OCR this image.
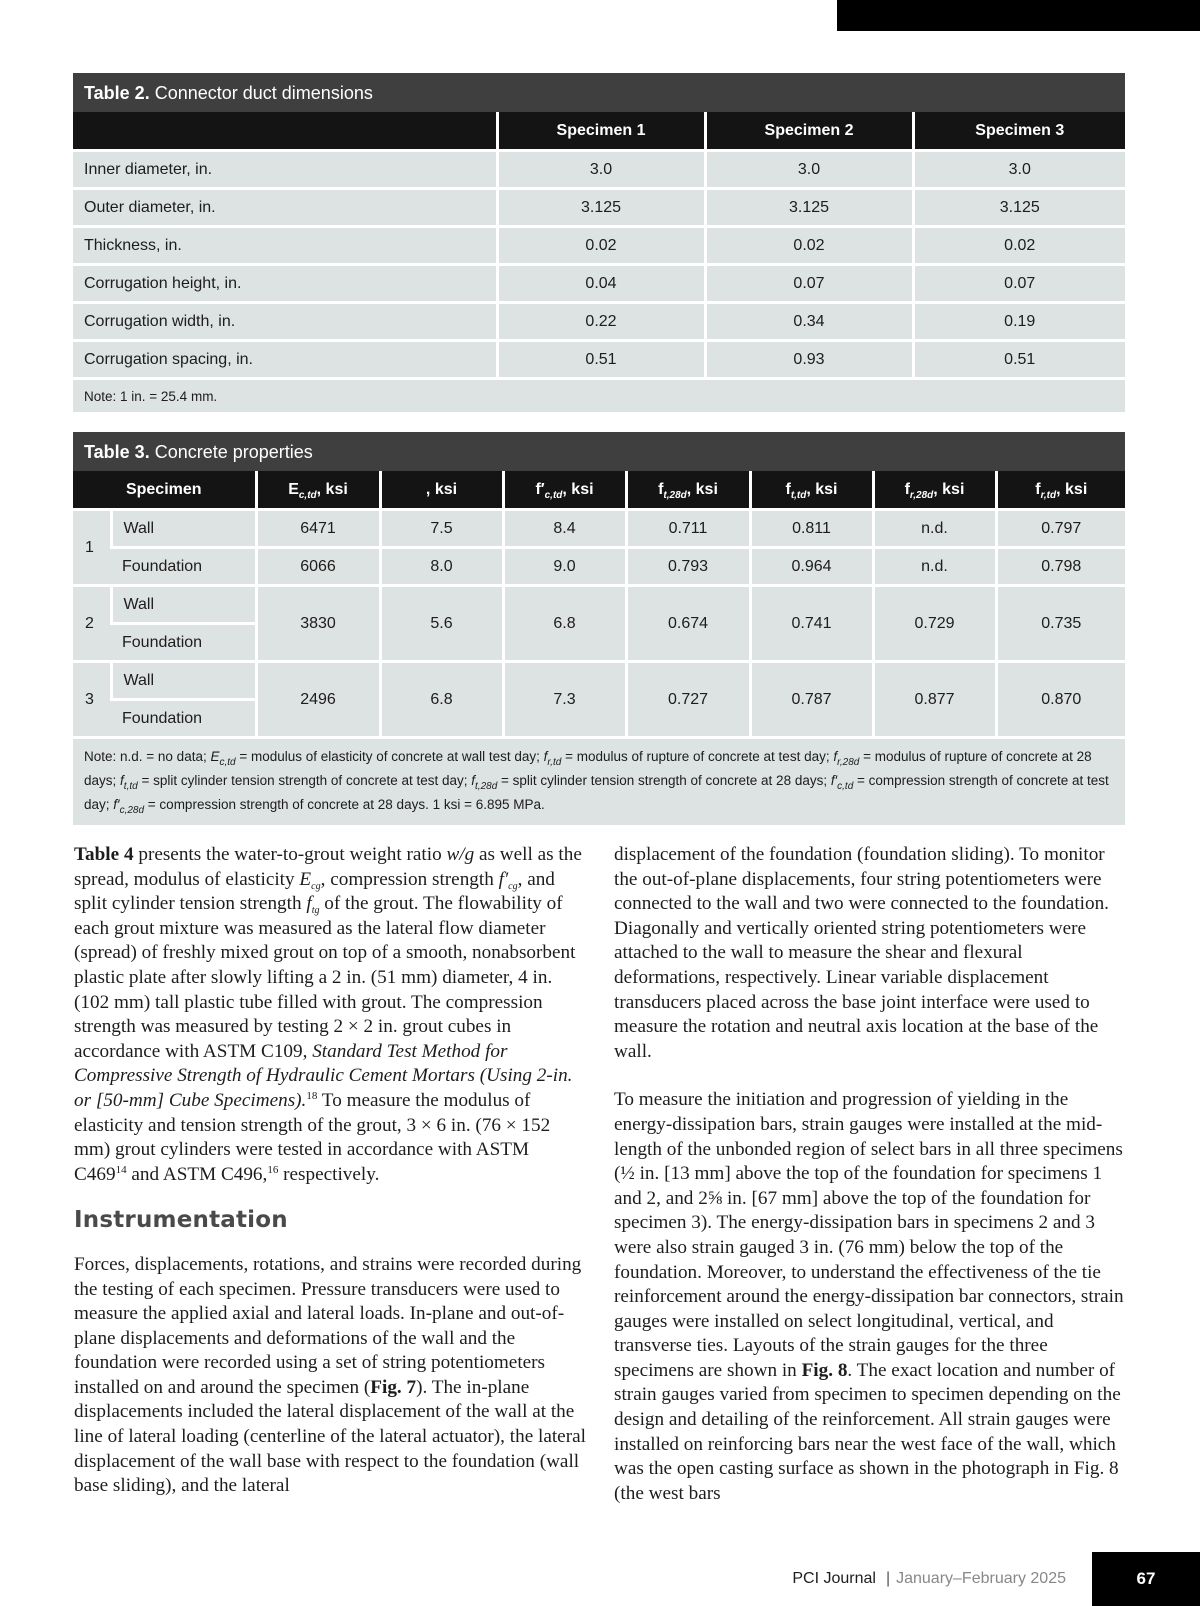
Table 2. Connector duct dimensions
	Specimen 1	Specimen 2	Specimen 3
Inner diameter, in.	3.0	3.0	3.0
Outer diameter, in.	3.125	3.125	3.125
Thickness, in.	0.02	0.02	0.02
Corrugation height, in.	0.04	0.07	0.07
Corrugation width, in.	0.22	0.34	0.19
Corrugation spacing, in.	0.51	0.93	0.51
Note: 1 in. = 25.4 mm.			
Table 3. Concrete properties
Specimen		$E_{c,td}$, ksi	, ksi	$f'_{c,td}$, ksi	$f_{t,28d}$, ksi	$f_{t,td}$, ksi	$f_{r,28d}$, ksi	$f_{r,td}$, ksi
1	Wall	6471	7.5	8.4	0.711	0.811	n.d.	0.797
	Foundation	6066	8.0	9.0	0.793	0.964	n.d.	0.798
2	Wall	3830	5.6	6.8	0.674	0.741	0.729	0.735
	Foundation							
3	Wall	2496	6.8	7.3	0.727	0.787	0.877	0.870
	Foundation							
Note: n.d. = no data; $E_{c,td}$ = modulus of elasticity of concrete at wall test day; $f_{r,td}$ = modulus of rupture of concrete at test day; $f_{r,28d}$ = modulus of rupture of concrete at 28 days; $f_{t,td}$ = split cylinder tension strength of concrete at test day; $f_{t,28d}$ = split cylinder tension strength of concrete at 28 days; $f'_{c,td}$ = compression strength of concrete at test day; $f'_{c,28d}$ = compression strength of concrete at 28 days. 1 ksi = 6.895 MPa.								

Table 4 presents the water-to-grout weight ratio w/g as well as the spread, modulus of elasticity $E_{cg}$, compression strength $f'_{cg}$, and split cylinder tension strength $f_{tg}$ of the grout. The flowability of each grout mixture was measured as the lateral flow diameter (spread) of freshly mixed grout on top of a smooth, nonabsorbent plastic plate after slowly lifting a 2 in. (51 mm) diameter, 4 in. (102 mm) tall plastic tube filled with grout. The compression strength was measured by testing 2 × 2 in. grout cubes in accordance with ASTM C109, Standard Test Method for Compressive Strength of Hydraulic Cement Mortars (Using 2-in. or [50-mm] Cube Specimens).$^{18}$ To measure the modulus of elasticity and tension strength of the grout, 3 × 6 in. (76 × 152 mm) grout cylinders were tested in accordance with ASTM $C469^{14}$ and ASTM C496,16 respectively.

Instrumentation

Forces, displacements, rotations, and strains were recorded during the testing of each specimen. Pressure transducers were used to measure the applied axial and lateral loads. In-plane and out-of-plane displacements and deformations of the wall and the foundation were recorded using a set of string potentiometers installed on and around the specimen (Fig. 7). The in-plane displacements included the lateral displacement of the wall at the line of lateral loading (centerline of the lateral actuator), the lateral displacement of the wall base with respect to the foundation (wall base sliding), and the lateral

displacement of the foundation (foundation sliding). To monitor the out-of-plane displacements, four string potentiometers were connected to the wall and two were connected to the foundation. Diagonally and vertically oriented string potentiometers were attached to the wall to measure the shear and flexural deformations, respectively. Linear variable displacement transducers placed across the base joint interface were used to measure the rotation and neutral axis location at the base of the wall.

To measure the initiation and progression of yielding in the energy-dissipation bars, strain gauges were installed at the mid-length of the unbonded region of select bars in all three specimens (½ in. [13 mm] above the top of the foundation for specimens 1 and 2, and 2⅝ in. [67 mm] above the top of the foundation for specimen 3). The energy-dissipation bars in specimens 2 and 3 were also strain gauged 3 in. (76 mm) below the top of the foundation. Moreover, to understand the effectiveness of the tie reinforcement around the energy-dissipation bar connectors, strain gauges were installed on select longitudinal, vertical, and transverse ties. Layouts of the strain gauges for the three specimens are shown in Fig. 8. The exact location and number of strain gauges varied from specimen to specimen depending on the design and detailing of the reinforcement. All strain gauges were installed on reinforcing bars near the west face of the wall, which was the open casting surface as shown in the photograph in Fig. 8 (the west bars

PCI Journal | January–February 2025	67
